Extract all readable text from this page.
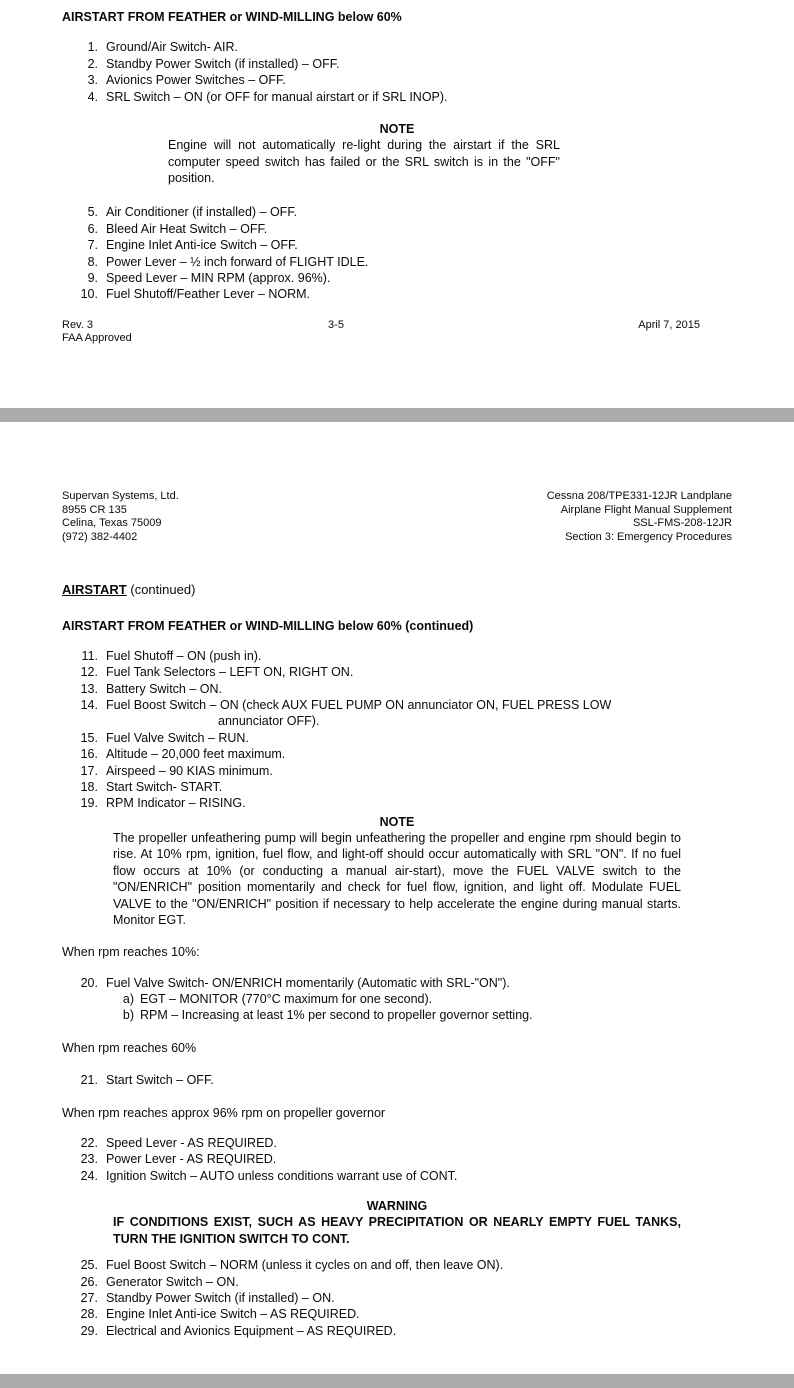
AIRSTART FROM FEATHER or WIND-MILLING below 60%
1. Ground/Air Switch- AIR.
2. Standby Power Switch (if installed) – OFF.
3. Avionics Power Switches – OFF.
4. SRL Switch – ON (or OFF for manual airstart or if SRL INOP).
NOTE
Engine will not automatically re-light during the airstart if the SRL computer speed switch has failed or the SRL switch is in the "OFF" position.
5. Air Conditioner (if installed) – OFF.
6. Bleed Air Heat Switch – OFF.
7. Engine Inlet Anti-ice Switch – OFF.
8. Power Lever – ½ inch forward of FLIGHT IDLE.
9. Speed Lever – MIN RPM (approx. 96%).
10. Fuel Shutoff/Feather Lever – NORM.
Rev. 3
FAA Approved
3-5	April 7, 2015
Supervan Systems, Ltd.
8955 CR 135
Celina, Texas 75009
(972) 382-4402
Cessna 208/TPE331-12JR Landplane
Airplane Flight Manual Supplement
SSL-FMS-208-12JR
Section 3: Emergency Procedures
AIRSTART (continued)
AIRSTART FROM FEATHER or WIND-MILLING below 60% (continued)
11. Fuel Shutoff – ON (push in).
12. Fuel Tank Selectors – LEFT ON, RIGHT ON.
13. Battery Switch – ON.
14. Fuel Boost Switch – ON (check AUX FUEL PUMP ON annunciator ON, FUEL PRESS LOW
annunciator OFF).
15. Fuel Valve Switch – RUN.
16. Altitude – 20,000 feet maximum.
17. Airspeed – 90 KIAS minimum.
18. Start Switch- START.
19. RPM Indicator – RISING.
NOTE
The propeller unfeathering pump will begin unfeathering the propeller and engine rpm should begin to rise. At 10% rpm, ignition, fuel flow, and light-off should occur automatically with SRL "ON". If no fuel flow occurs at 10% (or conducting a manual air-start), move the FUEL VALVE switch to the "ON/ENRICH" position momentarily and check for fuel flow, ignition, and light off. Modulate FUEL VALVE to the "ON/ENRICH" position if necessary to help accelerate the engine during manual starts. Monitor EGT.
When rpm reaches 10%:
20. Fuel Valve Switch- ON/ENRICH momentarily (Automatic with SRL-"ON").
a) EGT – MONITOR (770°C maximum for one second).
b) RPM – Increasing at least 1% per second to propeller governor setting.
When rpm reaches 60%
21. Start Switch – OFF.
When rpm reaches approx 96% rpm on propeller governor
22. Speed Lever - AS REQUIRED.
23. Power Lever - AS REQUIRED.
24. Ignition Switch – AUTO unless conditions warrant use of CONT.
WARNING
IF CONDITIONS EXIST, SUCH AS HEAVY PRECIPITATION OR NEARLY EMPTY FUEL TANKS, TURN THE IGNITION SWITCH TO CONT.
25. Fuel Boost Switch – NORM (unless it cycles on and off, then leave ON).
26. Generator Switch – ON.
27. Standby Power Switch (if installed) – ON.
28. Engine Inlet Anti-ice Switch – AS REQUIRED.
29. Electrical and Avionics Equipment – AS REQUIRED.
